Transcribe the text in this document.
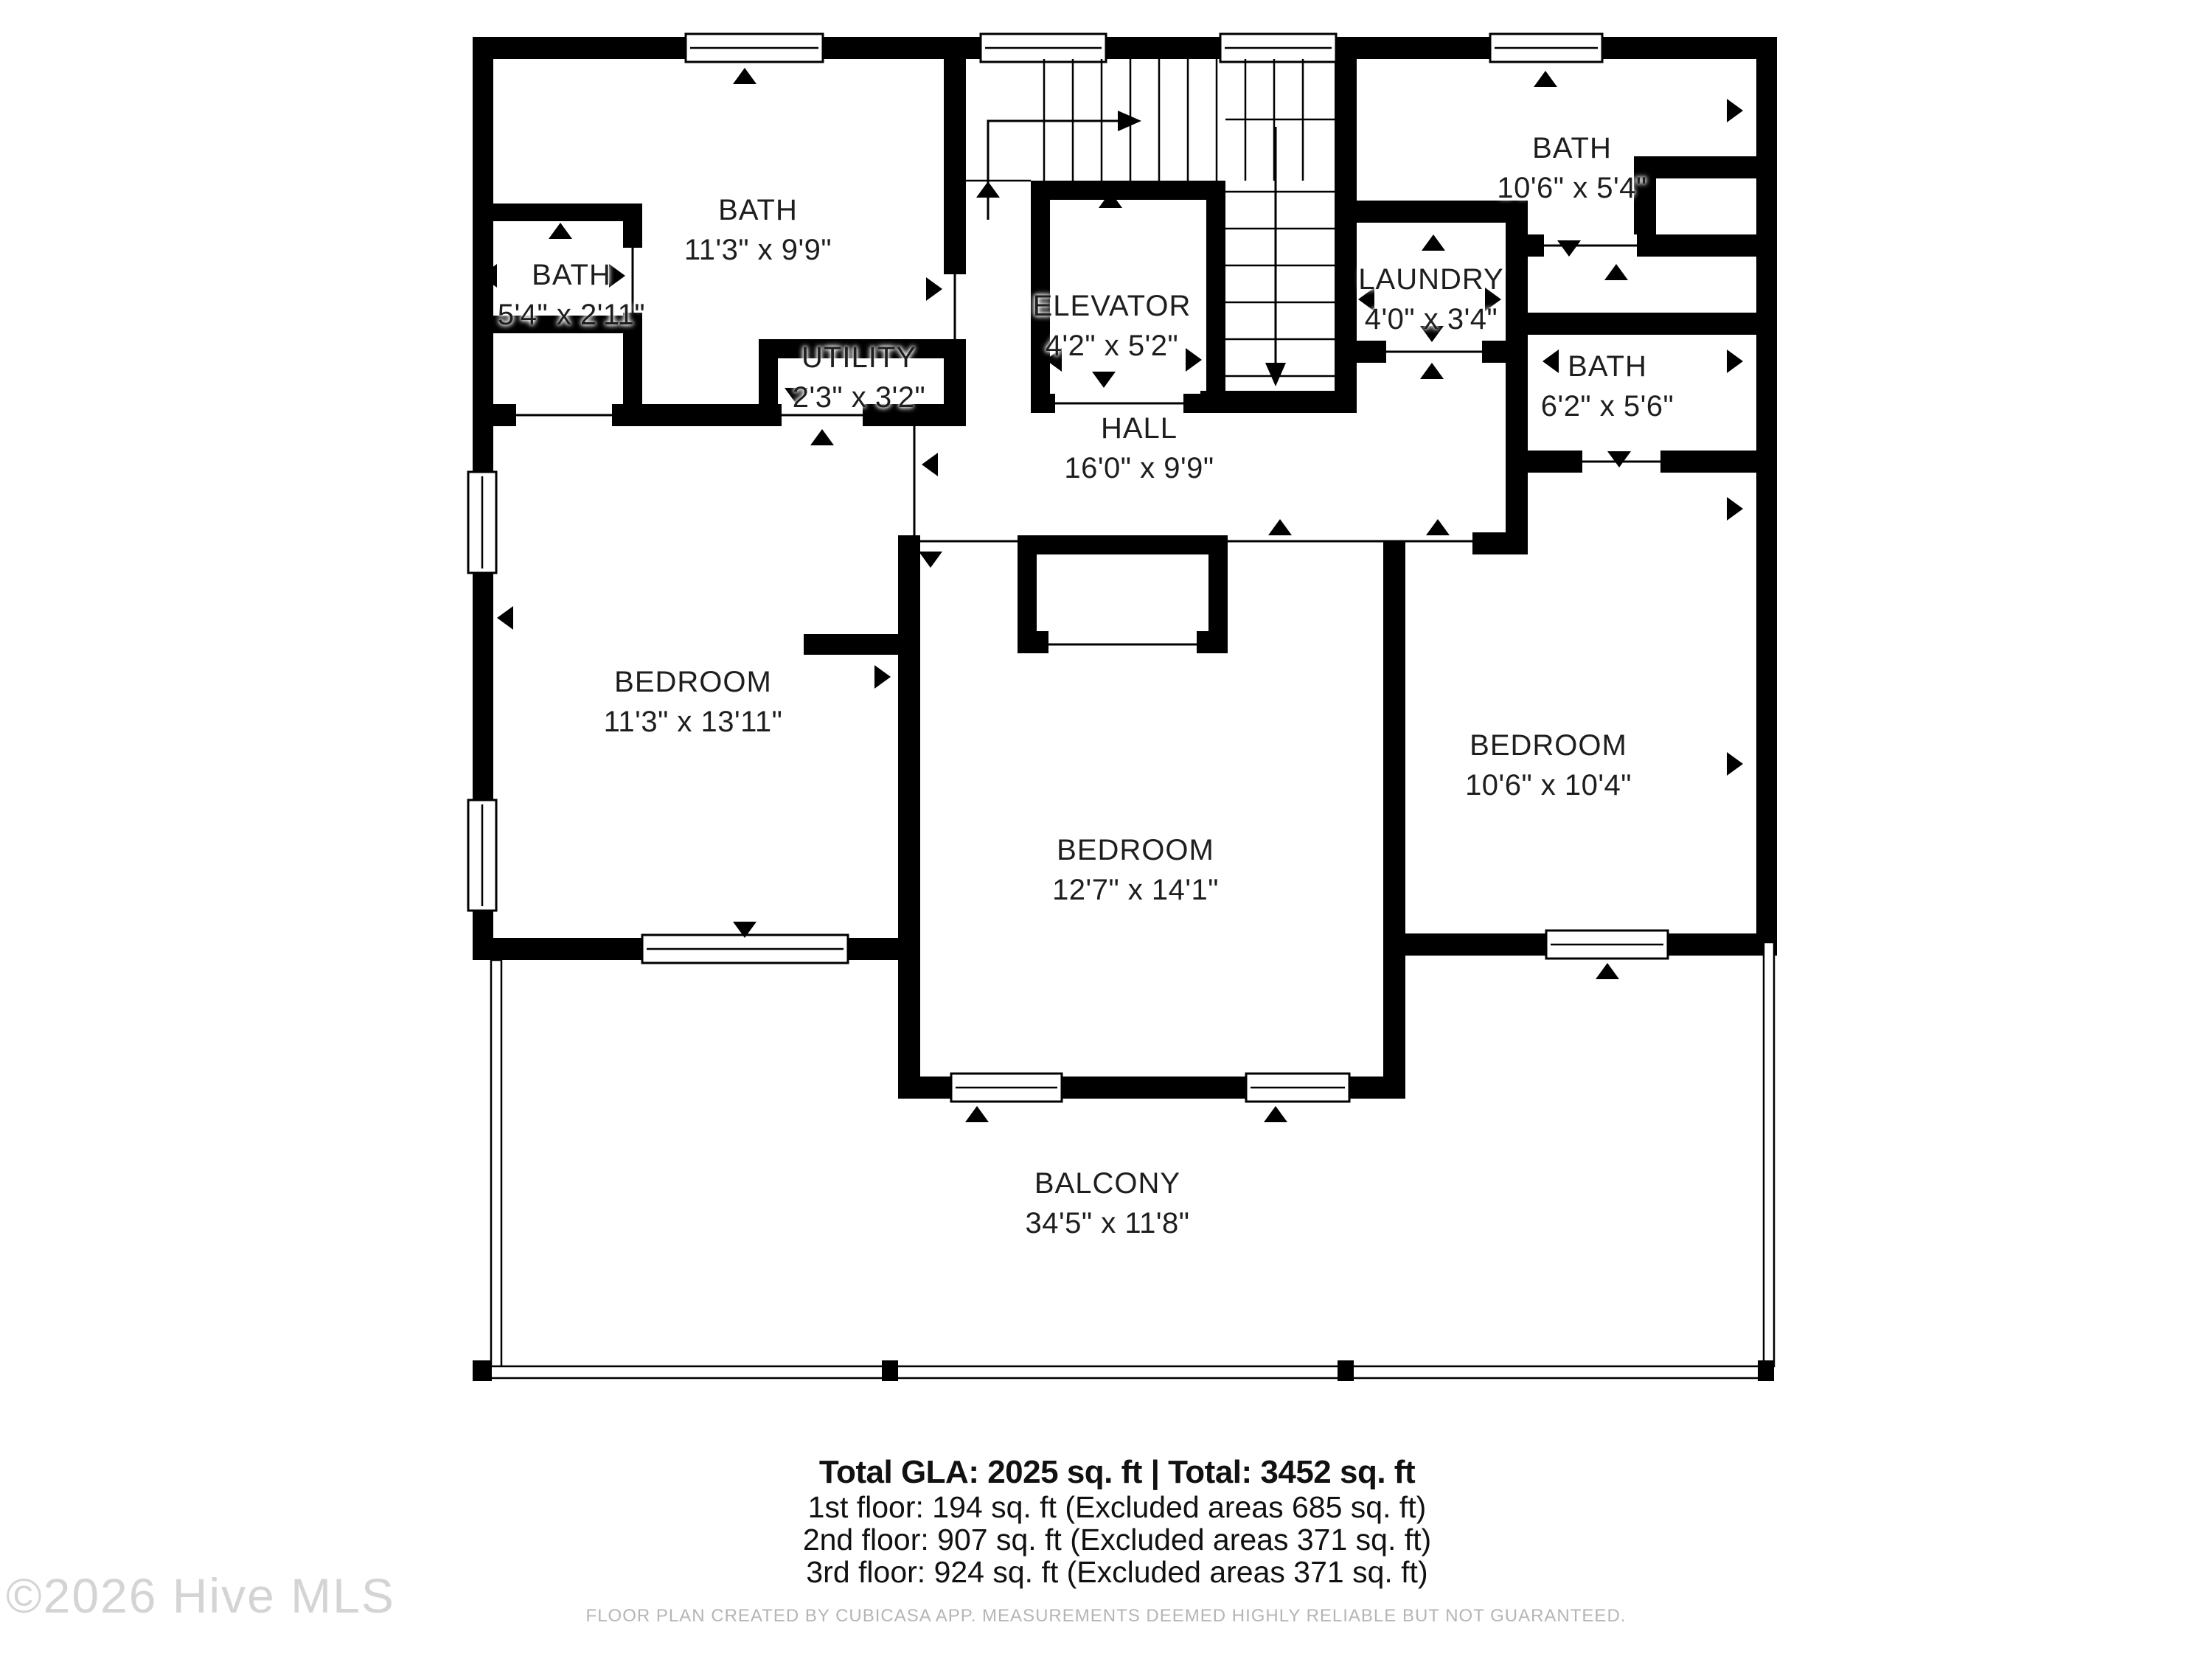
BATH
5'4" x 2'11"
BATH
11'3" x 9'9"
UTILITY
2'3" x 3'2"
ELEVATOR
4'2" x 5'2"
LAUNDRY
4'0" x 3'4"
BATH
10'6" x 5'4"
BATH
6'2" x 5'6"
HALL
16'0" x 9'9"
BEDROOM
11'3" x 13'11"
BEDROOM
12'7" x 14'1"
BEDROOM
10'6" x 10'4"
BALCONY
34'5" x 11'8"
Total GLA: 2025 sq. ft | Total: 3452 sq. ft
1st floor: 194 sq. ft (Excluded areas 685 sq. ft)
2nd floor: 907 sq. ft (Excluded areas 371 sq. ft)
3rd floor: 924 sq. ft (Excluded areas 371 sq. ft)
©2026 Hive MLS	FLOOR PLAN CREATED BY CUBICASA APP. MEASUREMENTS DEEMED HIGHLY RELIABLE BUT NOT GUARANTEED.
